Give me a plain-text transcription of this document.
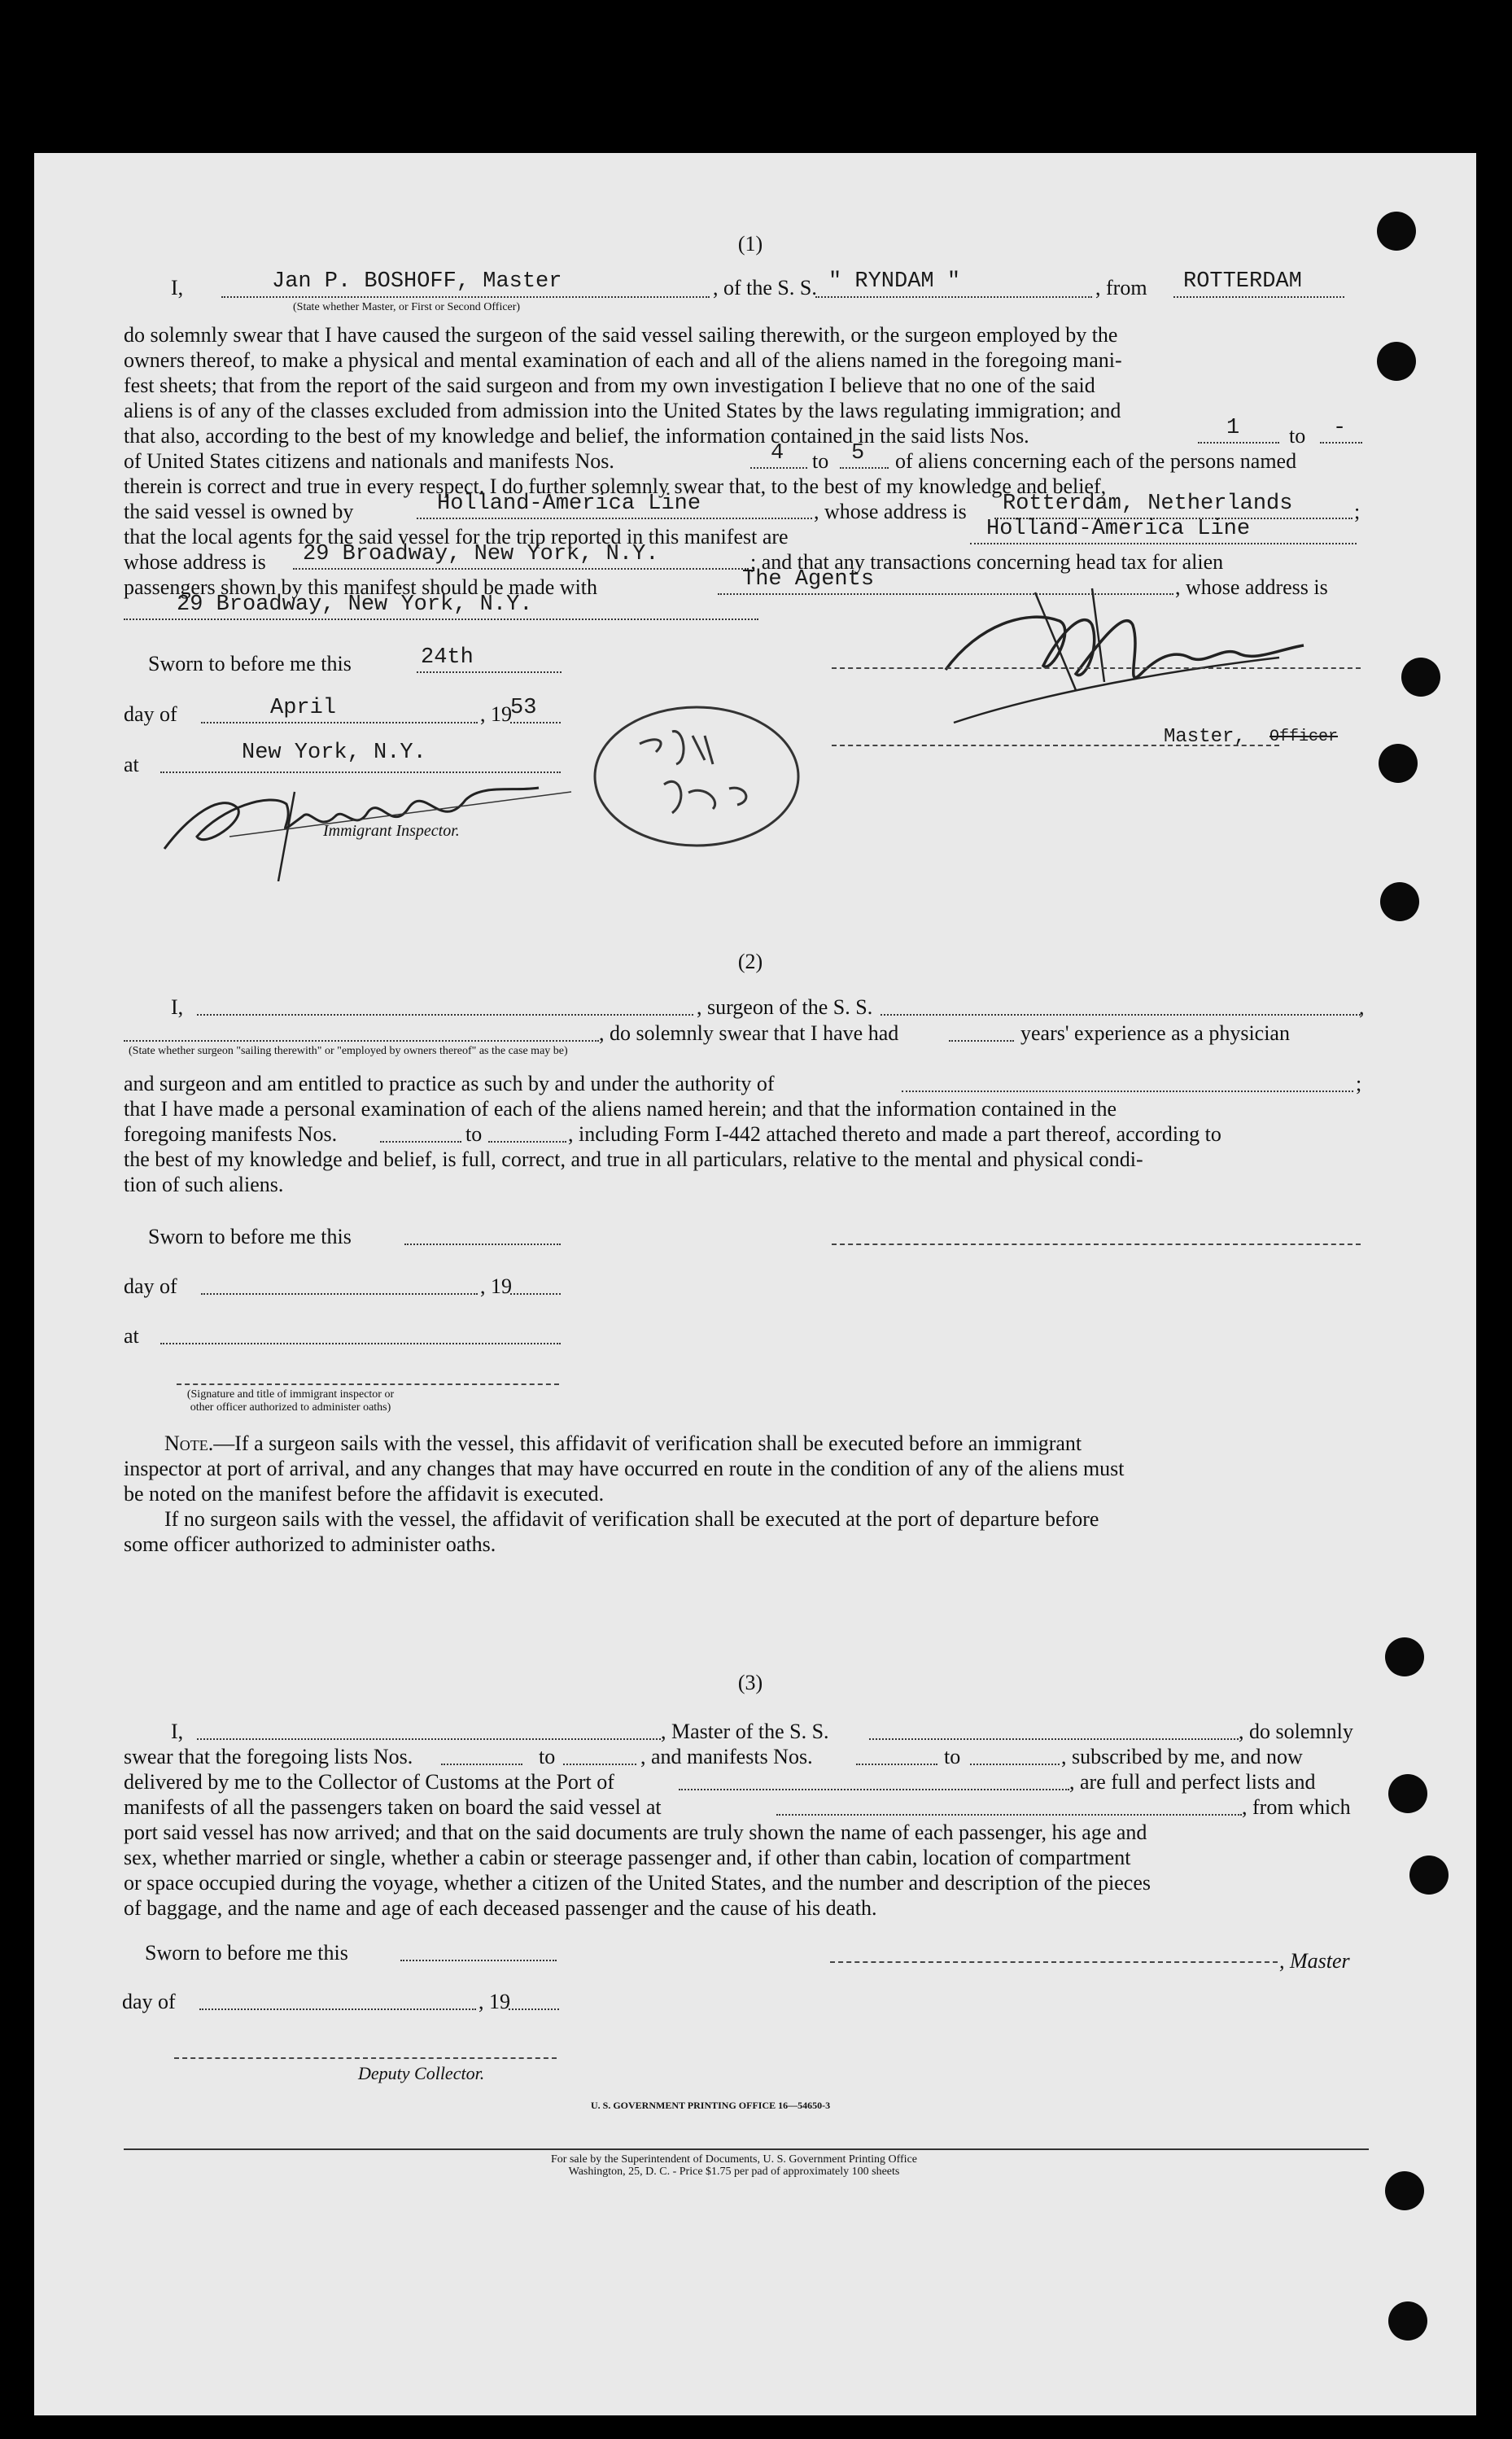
(1)
I,	Jan P. BOSHOFF, Master	, of the S. S. " RYNDAM "	, from ROTTERDAM
(State whether Master, or First or Second Officer)
do solemnly swear that I have caused the surgeon of the said vessel sailing therewith, or the surgeon employed by the
owners thereof, to make a physical and mental examination of each and all of the aliens named in the foregoing mani-
fest sheets; that from the report of the said surgeon and from my own investigation I believe that no one of the said
aliens is of any of the classes excluded from admission into the United States by the laws regulating immigration; and
that also, according to the best of my knowledge and belief, the information contained in the said lists Nos.	1 to -
of United States citizens and nationals and manifests Nos.	4 to 5 of aliens concerning each of the persons named
therein is correct and true in every respect. I do further solemnly swear that, to the best of my knowledge and belief,
the said vessel is owned by	Holland-America Line	, whose address is Rotterdam, Netherlands	;
that the local agents for the said vessel for the trip reported in this manifest are	Holland-America Line
whose address is 29 Broadway, New York, N.Y.	; and that any transactions concerning head tax for alien
passengers shown by this manifest should be made with	The Agents	, whose address is
29 Broadway, New York, N.Y.
Sworn to before me this	24th
day of	April	, 19
53
at	New York, N.Y.
Immigrant Inspector.
Master, Officer
(2)
I,	, surgeon of the S. S.	,
, do solemnly swear that I have had	years' experience as a physician
(State whether surgeon "sailing therewith" or "employed by owners thereof" as the case may be)
and surgeon and am entitled to practice as such by and under the authority of	;
that I have made a personal examination of each of the aliens named herein; and that the information contained in the
foregoing manifests Nos.	to	, including Form I-442 attached thereto and made a part thereof, according to
the best of my knowledge and belief, is full, correct, and true in all particulars, relative to the mental and physical condi-
tion of such aliens.
Sworn to before me this
day of	, 19
at
(Signature and title of immigrant inspector or other officer authorized to administer oaths)
Note.—If a surgeon sails with the vessel, this affidavit of verification shall be executed before an immigrant
inspector at port of arrival, and any changes that may have occurred en route in the condition of any of the aliens must
be noted on the manifest before the affidavit is executed.
If no surgeon sails with the vessel, the affidavit of verification shall be executed at the port of departure before
some officer authorized to administer oaths.
(3)
I,	, Master of the S. S.	, do solemnly
swear that the foregoing lists Nos.	to	, and manifests Nos.	to	, subscribed by me, and now
delivered by me to the Collector of Customs at the Port of	, are full and perfect lists and
manifests of all the passengers taken on board the said vessel at	, from which
port said vessel has now arrived; and that on the said documents are truly shown the name of each passenger, his age and
sex, whether married or single, whether a cabin or steerage passenger and, if other than cabin, location of compartment
or space occupied during the voyage, whether a citizen of the United States, and the number and description of the pieces
of baggage, and the name and age of each deceased passenger and the cause of his death.
Sworn to before me this	, Master
day of	, 19
Deputy Collector.
U. S. GOVERNMENT PRINTING OFFICE 16—54650-3
For sale by the Superintendent of Documents, U. S. Government Printing Office
Washington, 25, D. C. - Price $1.75 per pad of approximately 100 sheets
